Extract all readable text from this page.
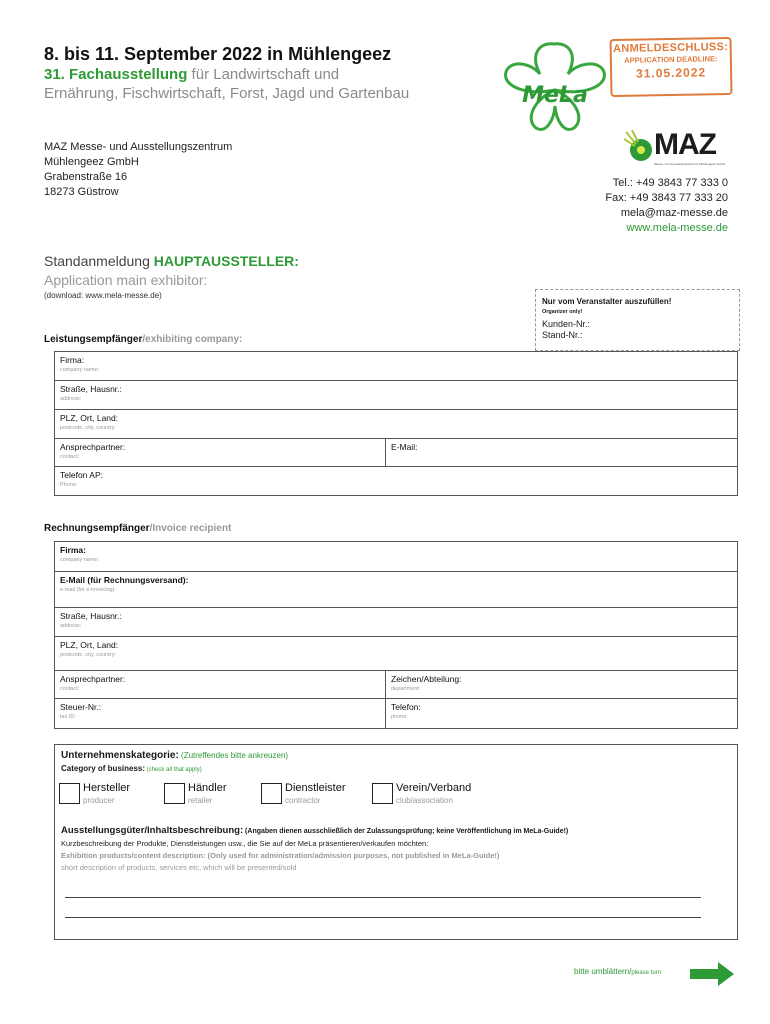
8. bis 11. September 2022 in Mühlengeez
31. Fachausstellung für Landwirtschaft und
Ernährung, Fischwirtschaft, Forst, Jagd und Gartenbau	MeLa
ANMELDESCHLUSS:
APPLICATION DEADLINE:
31.05.2022
MAZ Messe- und Ausstellungszentrum
Mühlengeez GmbH
Grabenstraße 16
18273 Güstrow
MAZ
Messe- und Ausstellungszentrum Mühlengeez GmbH
Tel.: +49 3843 77 333 0
Fax: +49 3843 77 333 20
mela@maz-messe.de
www.mela-messe.de
Standanmeldung HAUPTAUSSTELLER:
Application main exhibitor:
(download: www.mela-messe.de)
Nur vom Veranstalter auszufüllen!
Organizer only!
Kunden-Nr.:
Stand-Nr.:
Leistungsempfänger/exhibiting company:
Firma:
company name:
Straße, Hausnr.:
address:
PLZ, Ort, Land:
postcode, city, country:
Ansprechpartner:
contact:
E-Mail:
Telefon AP:
Phone:
Rechnungsempfänger/Invoice recipient
Firma:
company name:
E-Mail (für Rechnungsversand):
e-mail (for e-invoicing):
Straße, Hausnr.:
address:
PLZ, Ort, Land:
postcode, city, country:
Ansprechpartner:
contact:
Zeichen/Abteilung:
department:
Steuer-Nr.:
tax ID:
Telefon:
phone:
Unternehmenskategorie: (Zutreffendes bitte ankreuzen)
Category of business: (check all that apply)
Hersteller
producer
Händler
retailer
Dienstleister
contractor
Verein/Verband
club/association
Ausstellungsgüter/Inhaltsbeschreibung: (Angaben dienen ausschließlich der Zulassungsprüfung; keine Veröffentlichung im MeLa-Guide!)
Kurzbeschreibung der Produkte, Dienstleistungen usw., die Sie auf der MeLa präsentieren/verkaufen möchten:
Exhibition products/content description: (Only used for administration/admission purposes, not published in MeLa-Guide!)
short description of products, services etc, which will be presented/sold
bitte umblättern/please turn
